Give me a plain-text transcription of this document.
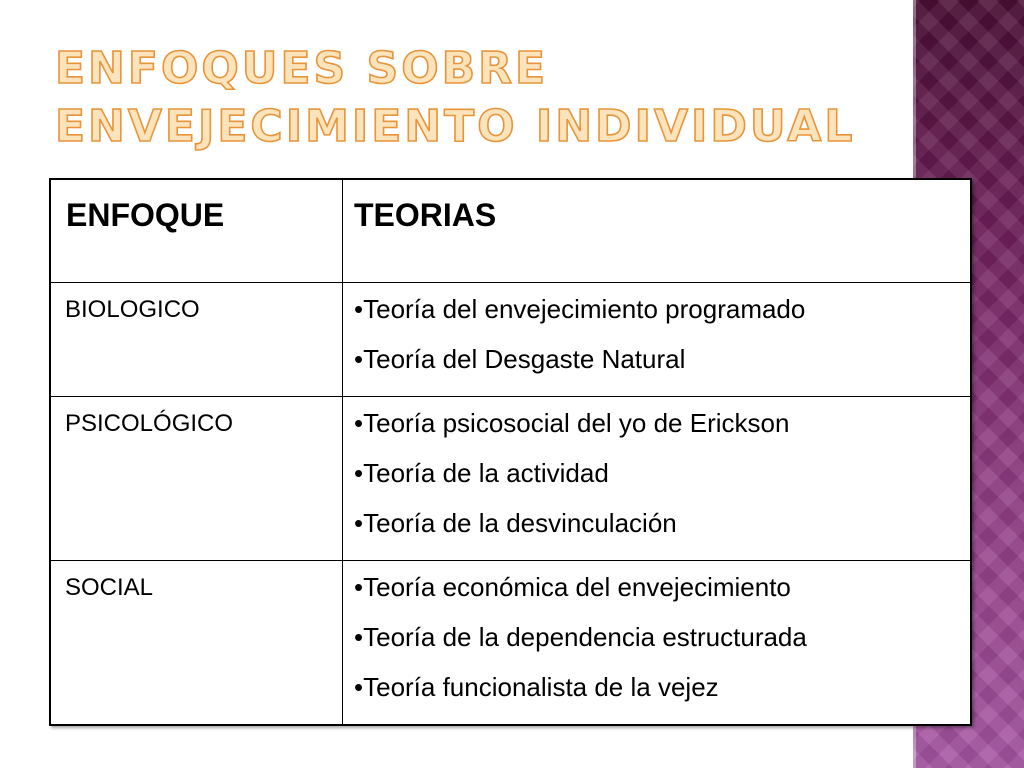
ENFOQUES SOBRE ENVEJECIMIENTO INDIVIDUAL
ENFOQUE	TEORIAS
BIOLOGICO	•Teoría del envejecimiento programado
•Teoría del Desgaste Natural

PSICOLÓGICO	•Teoría psicosocial del yo de Erickson
•Teoría de la actividad
•Teoría de la desvinculación

SOCIAL	•Teoría económica del envejecimiento
•Teoría de la dependencia estructurada
•Teoría funcionalista de la vejez
